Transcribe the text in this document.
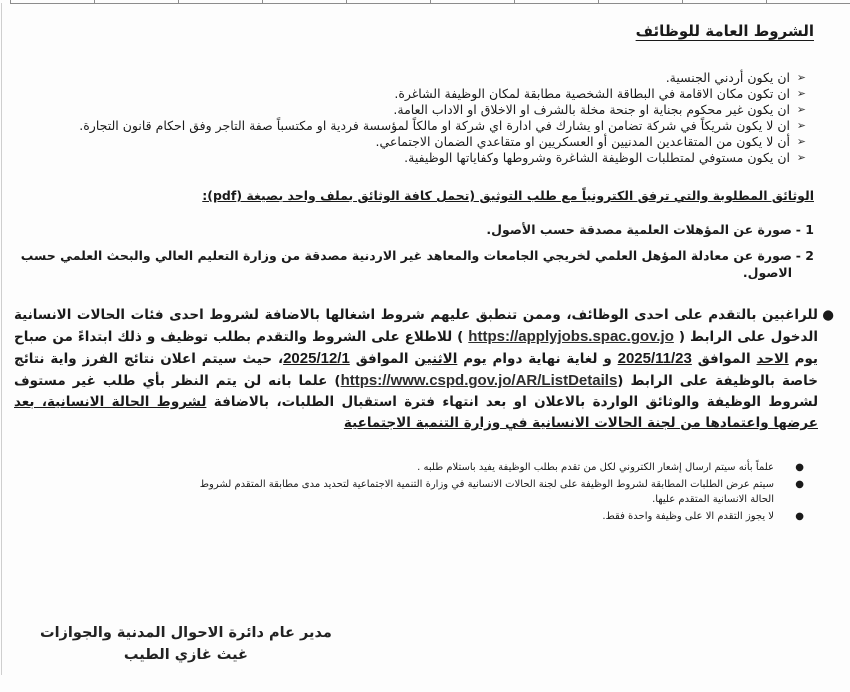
الشروط العامة للوظائف
➢
ان يكون أردني الجنسية.
➢
ان تكون مكان الاقامة في البطاقة الشخصية مطابقة لمكان الوظيفة الشاغرة.
➢
ان يكون غير محكوم بجناية او جنحة مخلة بالشرف او الاخلاق او الاداب العامة.
➢
ان لا يكون شريكاً في شركة تضامن او يشارك في ادارة اي شركة او مالكاً لمؤسسة فردية او مكتسباً صفة التاجر وفق احكام قانون التجارة.
➢
أن لا يكون من المتقاعدين المدنيين أو العسكريين او متقاعدي الضمان الاجتماعي.
➢
ان يكون مستوفي لمتطلبات الوظيفة الشاغرة وشروطها وكفاياتها الوظيفية.
الوثائق المطلوبة والتي ترفق الكترونياً مع طلب التوثيق (تحمل كافة الوثائق بملف واحد بصيغة (pdf):
1 -
صورة عن المؤهلات العلمية مصدقة حسب الأصول.
2 -
صورة عن معادلة المؤهل العلمي لخريجي الجامعات والمعاهد غير الاردنية مصدقة من وزارة التعليم العالي والبحث العلمي حسب الاصول.
●
للراغبين بالتقدم على احدى الوظائف، وممن تنطبق عليهم شروط اشغالها بالاضافة لشروط احدى فئات الحالات الانسانية الدخول على الرابط ( https://applyjobs.spac.gov.jo ) للاطلاع على الشروط والتقدم بطلب توظيف و ذلك ابتداءً من صباح يوم الاحد الموافق 2025/11/23 و لغاية نهاية دوام يوم الاثنين الموافق 2025/12/1، حيث سيتم اعلان نتائج الفرز واية نتائج خاصة بالوظيفة على الرابط (https://www.cspd.gov.jo/AR/ListDetails) علما بانه لن يتم النظر بأي طلب غير مستوف لشروط الوظيفة والوثائق الواردة بالاعلان او بعد انتهاء فترة استقبال الطلبات، بالاضافة لشروط الحالة الانسانية، بعد عرضها واعتمادها من لجنة الحالات الانسانية في وزارة التنمية الاجتماعية
●
علماً بأنه سيتم ارسال إشعار الكتروني لكل من تقدم بطلب الوظيفة يفيد باستلام طلبه .
●
سيتم عرض الطلبات المطابقة لشروط الوظيفة على لجنة الحالات الانسانية في وزارة التنمية الاجتماعية لتحديد مدى مطابقة المتقدم لشروط الحالة الانسانية المتقدم عليها.
●
لا يجوز التقدم الا على وظيفة واحدة فقط.
مدير عام دائرة الاحوال المدنية والجوازات
غيث غازي الطيب
